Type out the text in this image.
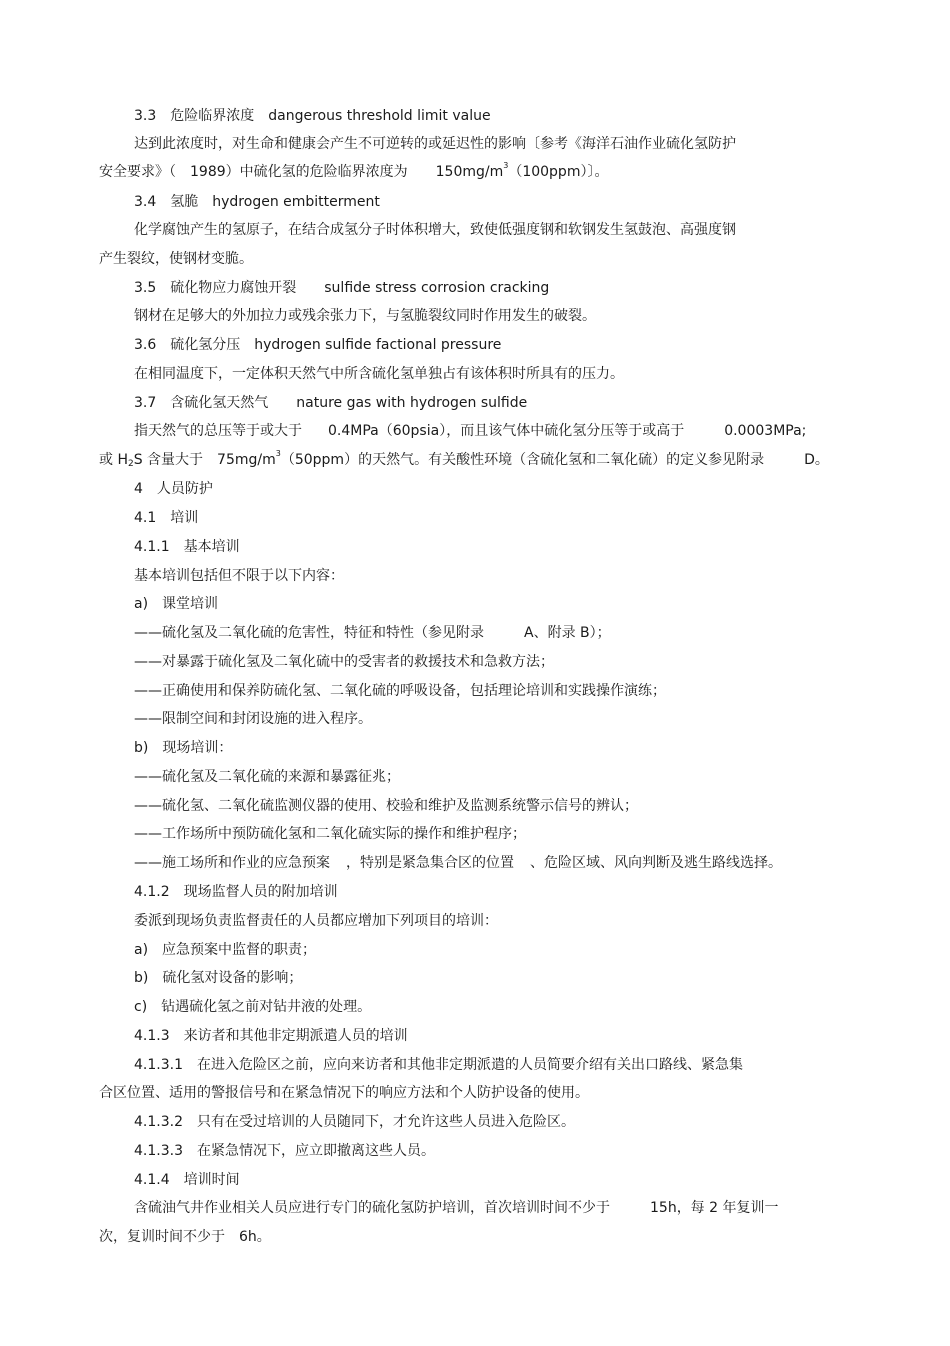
3.3　危险临界浓度　dangerous threshold limit value
达到此浓度时，对生命和健康会产生不可逆转的或延迟性的影响〔参考《海洋石油作业硫化氢防护
安全要求》（　1989）中硫化氢的危险临界浓度为　　$150mg/m^3(100ppm)$〕。
3.4　氢脆　hydrogen embitterment
化学腐蚀产生的氢原子，在结合成氢分子时体积增大，致使低强度钢和软钢发生氢鼓泡、高强度钢
产生裂纹，使钢材变脆。
3.5　硫化物应力腐蚀开裂　　sulfide stress corrosion cracking
钢材在足够大的外加拉力或残余张力下，与氢脆裂纹同时作用发生的破裂。
3.6　硫化氢分压　hydrogen sulfide factional pressure
在相同温度下，一定体积天然气中所含硫化氢单独占有该体积时所具有的压力。
3.7　含硫化氢天然气　　nature gas with hydrogen sulfide
指天然气的总压等于或大于 0.4MPa（60psia），而且该气体中硫化氢分压等于或高于	0.0003MPa;
或 $H_2S$ 含量大于　$75mg/m^3(50ppm)$的天然气。有关酸性环境（含硫化氢和二氧化硫）的定义参见附录	D。
4　人员防护
4.1　培训
4.1.1　基本培训
基本培训包括但不限于以下内容：
a)　课堂培训
——硫化氢及二氧化硫的危害性，特征和特性（参见附录	A、附录 B）；
——对暴露于硫化氢及二氧化硫中的受害者的救援技术和急救方法；
——正确使用和保养防硫化氢、二氧化硫的呼吸设备，包括理论培训和实践操作演练；
——限制空间和封闭设施的进入程序。
b)　现场培训：
——硫化氢及二氧化硫的来源和暴露征兆；
——硫化氢、二氧化硫监测仪器的使用、校验和维护及监测系统警示信号的辨认；
——工作场所中预防硫化氢和二氧化硫实际的操作和维护程序；
——施工场所和作业的应急预案 ，特别是紧急集合区的位置 、危险区域、风向判断及逃生路线选择。
4.1.2　现场监督人员的附加培训
委派到现场负责监督责任的人员都应增加下列项目的培训：
a)　应急预案中监督的职责；
b)　硫化氢对设备的影响；
c)　钻遇硫化氢之前对钻井液的处理。
4.1.3　来访者和其他非定期派遣人员的培训
4.1.3.1　在进入危险区之前，应向来访者和其他非定期派遣的人员简要介绍有关出口路线、紧急集
合区位置、适用的警报信号和在紧急情况下的响应方法和个人防护设备的使用。
4.1.3.2　只有在受过培训的人员随同下，才允许这些人员进入危险区。
4.1.3.3　在紧急情况下，应立即撤离这些人员。
4.1.4　培训时间
含硫油气井作业相关人员应进行专门的硫化氢防护培训，首次培训时间不少于	15h，每 2 年复训一
次，复训时间不少于　6h。
